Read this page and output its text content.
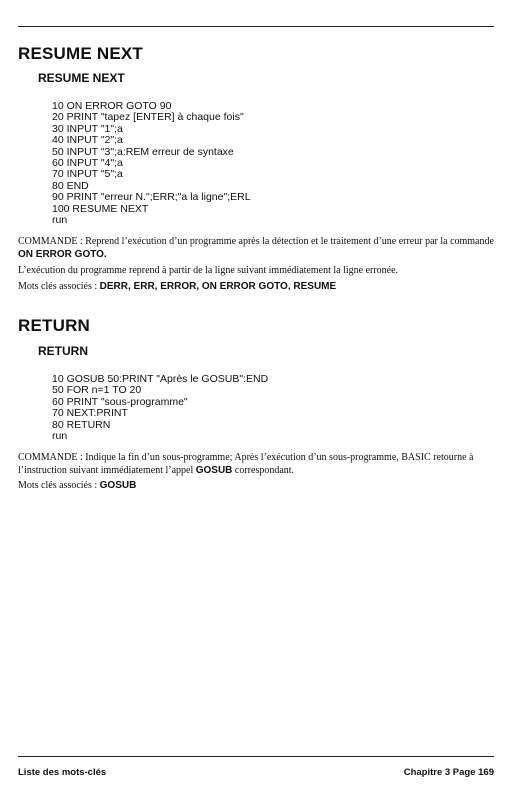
RESUME NEXT
RESUME NEXT
10 ON ERROR GOTO 90
20 PRINT "tapez [ENTER] à chaque fois"
30 INPUT "1";a
40 INPUT "2";a
50 INPUT "3";a:REM erreur de syntaxe
60 INPUT "4";a
70 INPUT "5";a
80 END
90 PRINT "erreur N.";ERR;"a la ligne";ERL
100 RESUME NEXT
run

COMMANDE : Reprend l’exécution d’un programme après la détection et le traitement d’une erreur par la commande ON ERROR GOTO.

L’exécution du programme reprend à partir de la ligne suivant immédiatement la ligne erronée.

Mots clés associés : DERR, ERR, ERROR, ON ERROR GOTO, RESUME

RETURN
RETURN
10 GOSUB 50:PRINT "Après le GOSUB":END
50 FOR n=1 TO 20
60 PRINT "sous-programme"
70 NEXT:PRINT
80 RETURN
run

COMMANDE : Indique la fin d’un sous-programme; Après l’exécution d’un sous-programme, BASIC retourne à l’instruction suivant immédiatement l’appel GOSUB correspondant.

Mots clés associés : GOSUB

Liste des mots-clés	Chapitre 3 Page 169
